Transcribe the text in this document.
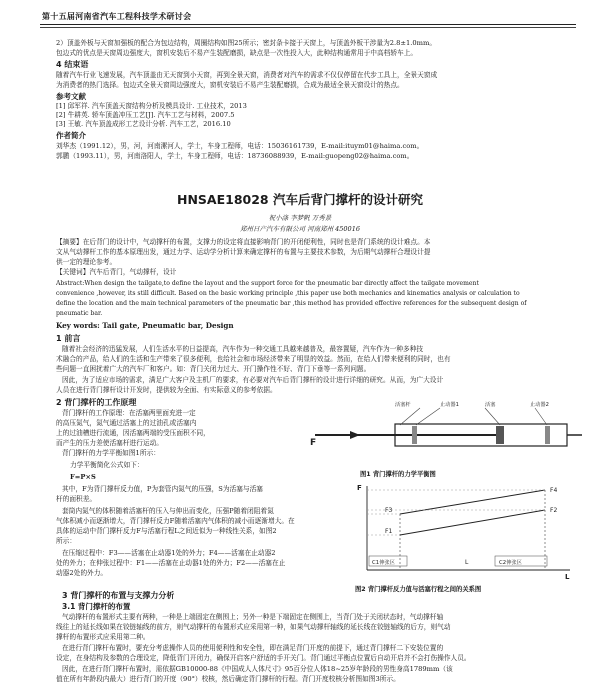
第十五届河南省汽车工程科技学术研讨会
2）顶盖外板与天窗加强板的配合为包边结构，周圈结构如图25所示；密封条卡接于天窗上，与顶盖外板干涉量为2.8±1.0mm。
包边式的优点是天窗周边强度大，窗机安装后不易产生装配磨损，缺点是一次性投入大，此种结构通常用于中高档轿车上。
4 结束语
随着汽车行业飞速发展，汽车顶盖由无天窗到小天窗，再到全景天窗，消费者对汽车的需求不仅仅停留在代步工具上，全景天窗成
为消费者的热门选择。包边式全景天窗周边强度大，窗机安装后不易产生装配磨损，合成为最适全景天窗设计的热点。
参考文献
[1] 邱军祥. 汽车顶盖天窗结构分析及模具设计. 工业技术，2013
[2] 牛耕英. 轿车顶盖冲压工艺[J]. 汽车工艺与材料，2007.5
[3] 王敏. 汽车顶盖成形工艺设计分析. 汽车工艺，2016.10
作者简介
刘华杰（1991.12），男，河，河南漯河人，学士，车身工程师，电话：15036161739，E-mail:ituym01@haima.com。
郭鹏（1993.11），男，河南洛阳人，学士，车身工程师，电话：18736088939，E-mail:guopeng02@haima.com。
HNSAE18028 汽车后背门撑杆的设计研究
祝小涤 李梦帆 万秀景
郑州日产汽车有限公司 河南郑州 450016
【摘要】在后背门的设计中，气动撑杆的布置，支撑力的设定将直接影响背门的开闭便利性，同时也是背门系统的设计难点。本
文从气动撑杆工作的基本原理出发，通过力学、运动学分析计算来确定撑杆的布置与主要技术参数，为后期气动撑杆合理设计提
供一定的理论参考。
【关键词】汽车后背门，气动撑杆，设计
Abstract:When design the tailgate,to define the layout and the support force for the pneumatic bar directly affect the tailgate movement
convenience ,however, its still difficult. Based on the basic working principle ,this paper use both mechanics and kinematics analysis or calculation to
define the location and the main technical parameters of the pneumatic bar ,this method has provided effective references for the subsequent design of
pneumatic bar.
Key words: Tail gate, Pneumatic bar, Design
1 前言
随着社会经济的迅猛发展，人们生活水平的日益提高，汽车作为一种交通工具越来越普及，最容置疑，汽车作为一种多种技
术融合的产品，给人们的生活和生产带来了很多便利，也给社会和市场经济带来了明显的效益。然而，在给人们带来便利的同时，也有
些问题一直困扰着广大的汽车厂和客户。如：背门关闭力过大、开门操作性不好、背门下垂等一系列问题。
因此，为了适应市场的需求，满足广大客户及主机厂的要求，有必要对汽车后背门撑杆的设计进行详细的研究。从而，为广大设计
人员在进行背门撑杆设计开发时，提供较为全面、有实际意义的参考依据。
2 背门撑杆的工作原理
背门撑杆的工作原理：在活塞两里面充进一定
的高压氮气，氮气通过活塞上的过油孔或活塞内
上的过油槽进行流通，因活塞两端的受压面积不同，
而产生的压力差使活塞杆进行运动。
背门撑杆的力学平衡如图1所示：
力学平衡简化公式如下：
F=P×S
其中，F为背门撑杆反力值，P为套管内氮气的压强，S为活塞与活塞
杆的面积差。
套筒内氮气的体积随着活塞杆的压入与伸出而变化，压强P随着闭阻着氮
气体积减小而逐渐增大，背门撑杆反力F随着活塞内气体积的减小而逐渐增大。在
具体的运动中背门撑杆反力F与活塞行程L之间近似为一种线性关系，如图2
所示：
在压缩过程中：F3——活塞在止动器1处的外力；F4——活塞在止动器2
处的外力；在伸张过程中：F1——活塞在止动器1处的外力；F2——活塞在止
动器2处的外力。
F
活塞杆	止动器1	活塞	止动器2
图1 背门撑杆的力学平衡图
F
L
F4
F3	F2
F1
C1伸张区	C2伸张区
L
图2 背门撑杆反力值与活塞行程之间的关系图
3 背门撑杆的布置与支撑力分析
3.1 背门撑杆的布置
气动撑杆的布置形式主要有两种，一种是上端固定在侧围上；另外一种是下端固定在侧围上，当背门处于关闭状态时，气动撑杆轴
线往上的延长线如果在铰链轴线的前方，则气动撑杆的布置形式应采用第一种，如果气动撑杆轴线的延长线在铰链轴线的后方，则气动
撑杆的布置形式应采用第二种。
在进行背门撑杆布置时，要充分考虑操作人员的使用便利性和安全性，即在满足背门开度的前提下，通过背门撑杆二下安装位置的
设定，在身结构及参数的合理设定，降低背门开闭力，确保开启客户舒适的手开关门。背门通过平衡点位置后自动开启并不会打伤操作人员。
因此，在进行背门撑杆布置时，需依据GB10000-88《中国成人人体尺寸》95百分位人体18~25岁年龄段的男性身高1789mm（该
值在所有年龄段内最大）进行背门的开度（90°）校核，然后确定背门撑杆的行程。背门开度校核分析图如图3所示。
